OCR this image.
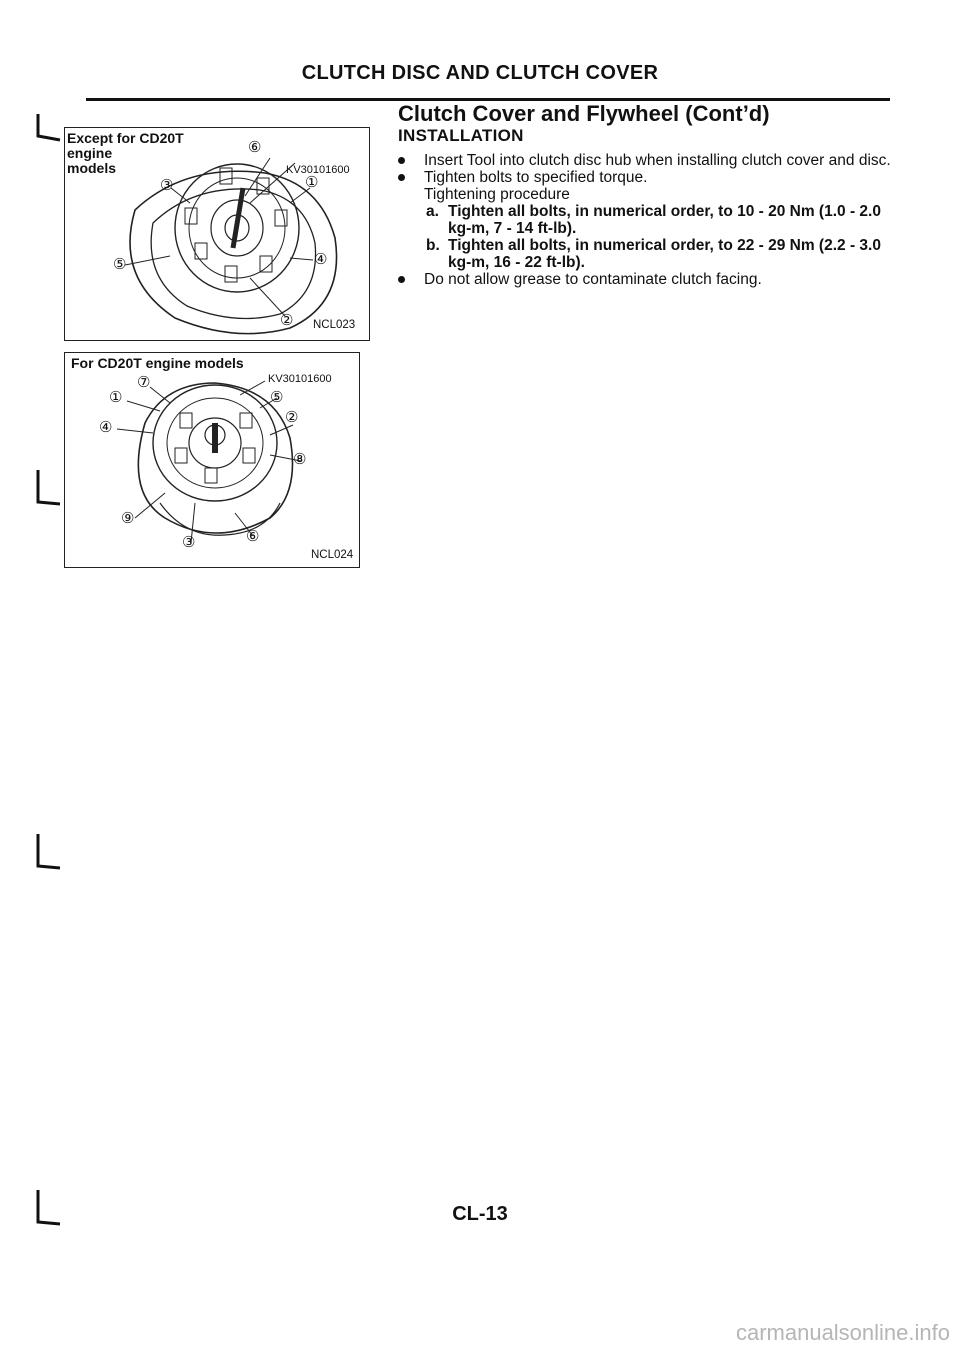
CLUTCH DISC AND CLUTCH COVER
Clutch Cover and Flywheel (Cont’d)
INSTALLATION
Insert Tool into clutch disc hub when installing clutch cover and disc.
Tighten bolts to specified torque.
Tightening procedure
a. Tighten all bolts, in numerical order, to 10 - 20 Nm (1.0 - 2.0 kg-m, 7 - 14 ft-lb).
b. Tighten all bolts, in numerical order, to 22 - 29 Nm (2.2 - 3.0 kg-m, 16 - 22 ft-lb).
Do not allow grease to contaminate clutch facing.
Except for CD20T
engine
models	KV30101600
⑥
①
③
⑤	④
② NCL023
For CD20T engine models
KV30101600
⑦
①	⑤
④
②
⑧
⑨
③	⑥
NCL024
CL-13
carmanualsonline.info
